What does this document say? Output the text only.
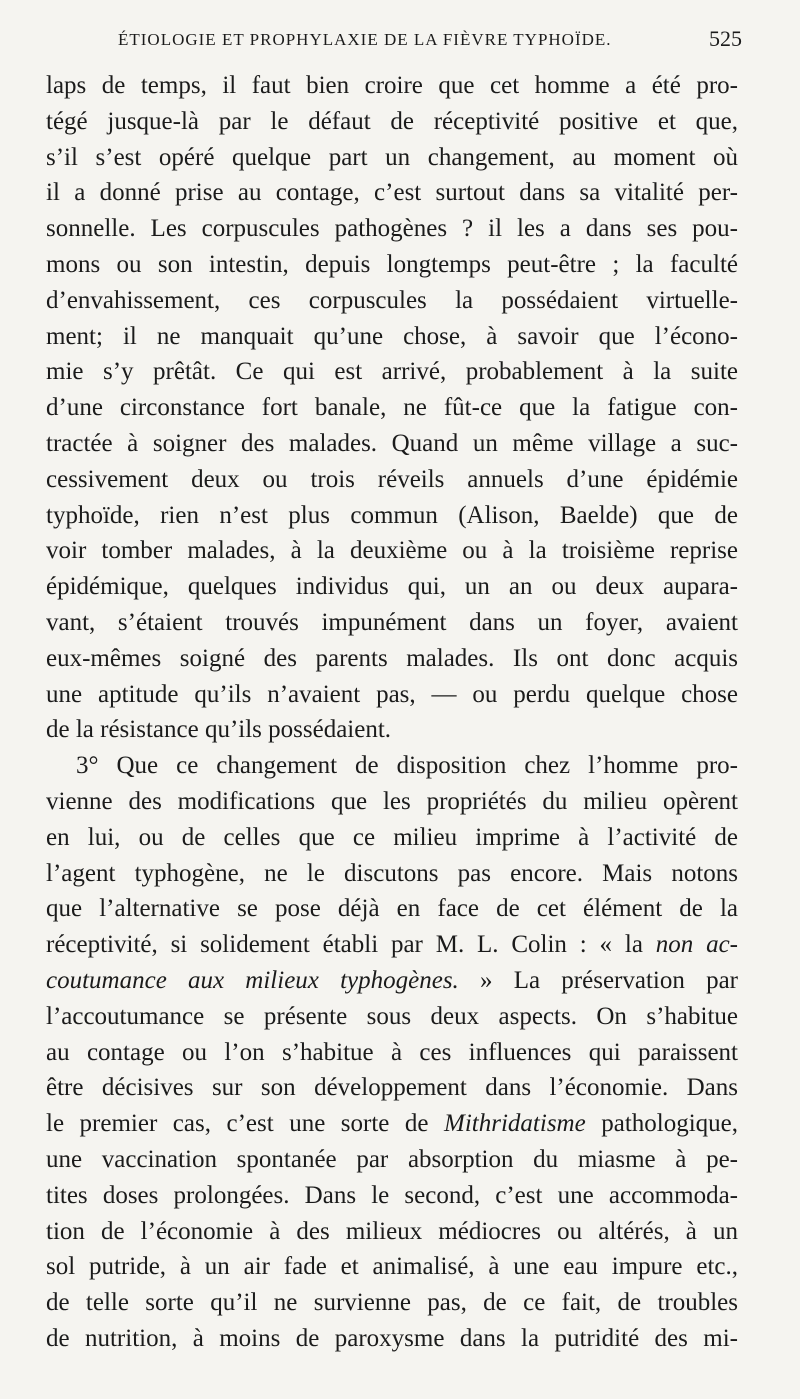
ÉTIOLOGIE ET PROPHYLAXIE DE LA FIÈVRE TYPHOÏDE.	525
laps de temps, il faut bien croire que cet homme a été pro-
tégé jusque-là par le défaut de réceptivité positive et que,
s’il s’est opéré quelque part un changement, au moment où
il a donné prise au contage, c’est surtout dans sa vitalité per-
sonnelle. Les corpuscules pathogènes ? il les a dans ses pou-
mons ou son intestin, depuis longtemps peut-être ; la faculté
d’envahissement, ces corpuscules la possédaient virtuelle-
ment; il ne manquait qu’une chose, à savoir que l’écono-
mie s’y prêtât. Ce qui est arrivé, probablement à la suite
d’une circonstance fort banale, ne fût-ce que la fatigue con-
tractée à soigner des malades. Quand un même village a suc-
cessivement deux ou trois réveils annuels d’une épidémie
typhoïde, rien n’est plus commun (Alison, Baelde) que de
voir tomber malades, à la deuxième ou à la troisième reprise
épidémique, quelques individus qui, un an ou deux aupara-
vant, s’étaient trouvés impunément dans un foyer, avaient
eux-mêmes soigné des parents malades. Ils ont donc acquis
une aptitude qu’ils n’avaient pas, — ou perdu quelque chose
de la résistance qu’ils possédaient.
3° Que ce changement de disposition chez l’homme pro-
vienne des modifications que les propriétés du milieu opèrent
en lui, ou de celles que ce milieu imprime à l’activité de
l’agent typhogène, ne le discutons pas encore. Mais notons
que l’alternative se pose déjà en face de cet élément de la
réceptivité, si solidement établi par M. L. Colin : « la non ac-
coutumance aux milieux typhogènes. » La préservation par
l’accoutumance se présente sous deux aspects. On s’habitue
au contage ou l’on s’habitue à ces influences qui paraissent
être décisives sur son développement dans l’économie. Dans
le premier cas, c’est une sorte de Mithridatisme pathologique,
une vaccination spontanée par absorption du miasme à pe-
tites doses prolongées. Dans le second, c’est une accommoda-
tion de l’économie à des milieux médiocres ou altérés, à un
sol putride, à un air fade et animalisé, à une eau impure etc.,
de telle sorte qu’il ne survienne pas, de ce fait, de troubles
de nutrition, à moins de paroxysme dans la putridité des mi-
